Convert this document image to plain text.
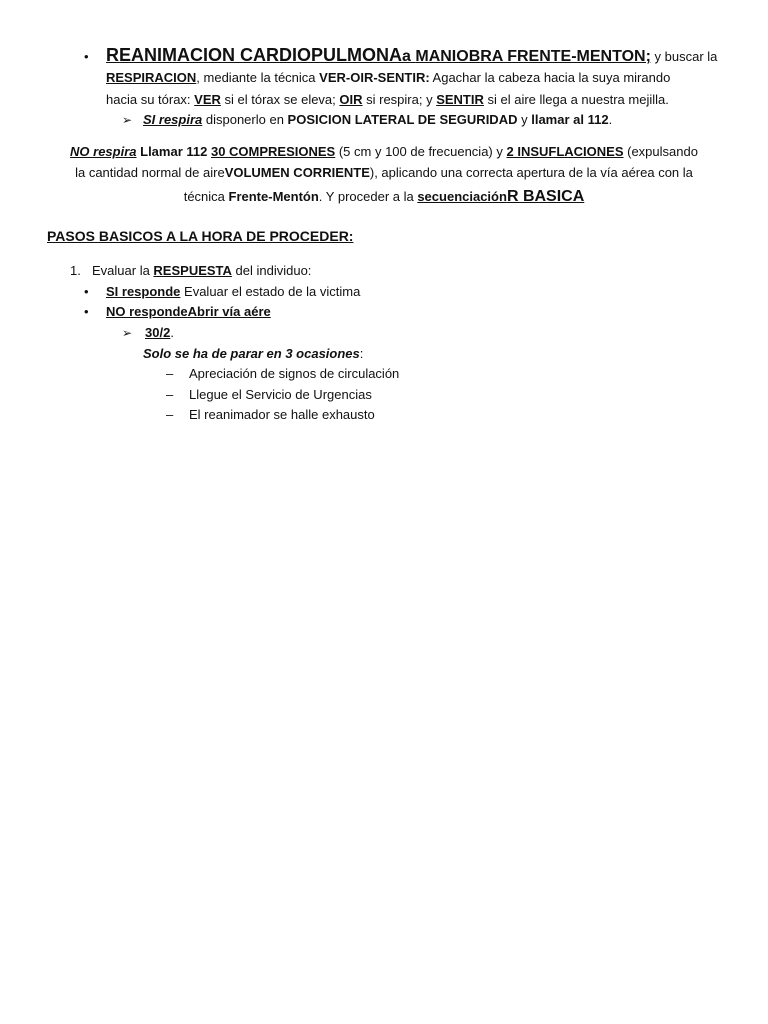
• REANIMACION CARDIOPULMONAa MANIOBRA FRENTE-MENTON; y buscar la
RESPIRACION, mediante la técnica VER-OIR-SENTIR: Agachar la cabeza hacia la suya mirando
hacia su tórax: VER si el tórax se eleva; OIR si respira; y SENTIR si el aire llega a nuestra mejilla.
➢ SI respira disponerlo en POSICION LATERAL DE SEGURIDAD y llamar al 112.
NO respira Llamar 112 30 COMPRESIONES (5 cm y 100 de frecuencia) y 2 INSUFLACIONES (expulsando
la cantidad normal de aireVOLUMEN CORRIENTE), aplicando una correcta apertura de la vía aérea con la
técnica Frente-Mentón. Y proceder a la secuenciaciónR BASICA
PASOS BASICOS A LA HORA DE PROCEDER:
1. Evaluar la RESPUESTA del individuo:
• SI responde Evaluar el estado de la victima
• NO respondeAbrir vía aére
➢ 30/2.
Solo se ha de parar en 3 ocasiones:
– Apreciación de signos de circulación
– Llegue el Servicio de Urgencias
– El reanimador se halle exhausto
